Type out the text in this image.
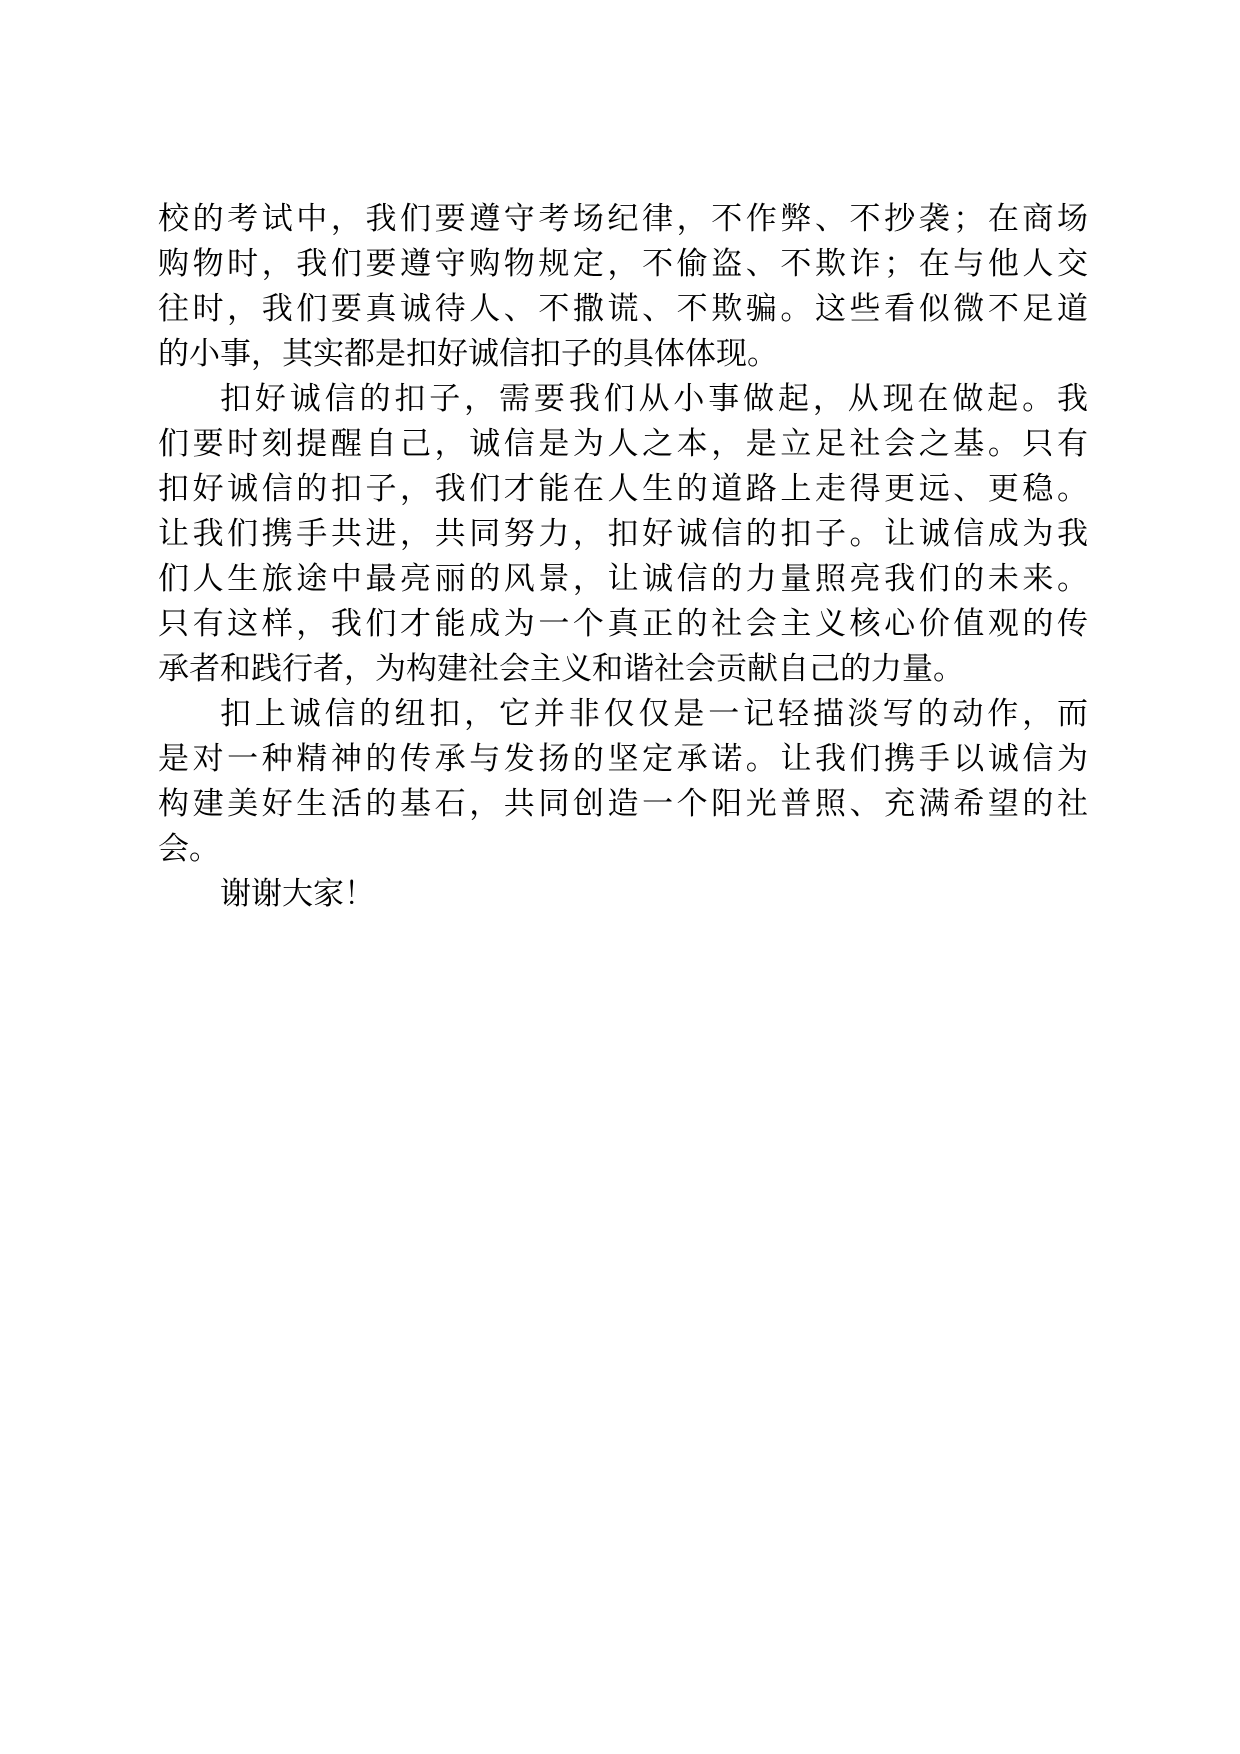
校的考试中，我们要遵守考场纪律，不作弊、不抄袭；在商场
购物时，我们要遵守购物规定，不偷盗、不欺诈；在与他人交
往时，我们要真诚待人、不撒谎、不欺骗。这些看似微不足道
的小事，其实都是扣好诚信扣子的具体体现。
扣好诚信的扣子，需要我们从小事做起，从现在做起。我
们要时刻提醒自己，诚信是为人之本，是立足社会之基。只有
扣好诚信的扣子，我们才能在人生的道路上走得更远、更稳。
让我们携手共进，共同努力，扣好诚信的扣子。让诚信成为我
们人生旅途中最亮丽的风景，让诚信的力量照亮我们的未来。
只有这样，我们才能成为一个真正的社会主义核心价值观的传
承者和践行者，为构建社会主义和谐社会贡献自己的力量。
扣上诚信的纽扣，它并非仅仅是一记轻描淡写的动作，而
是对一种精神的传承与发扬的坚定承诺。让我们携手以诚信为
构建美好生活的基石，共同创造一个阳光普照、充满希望的社
会。
谢谢大家！
